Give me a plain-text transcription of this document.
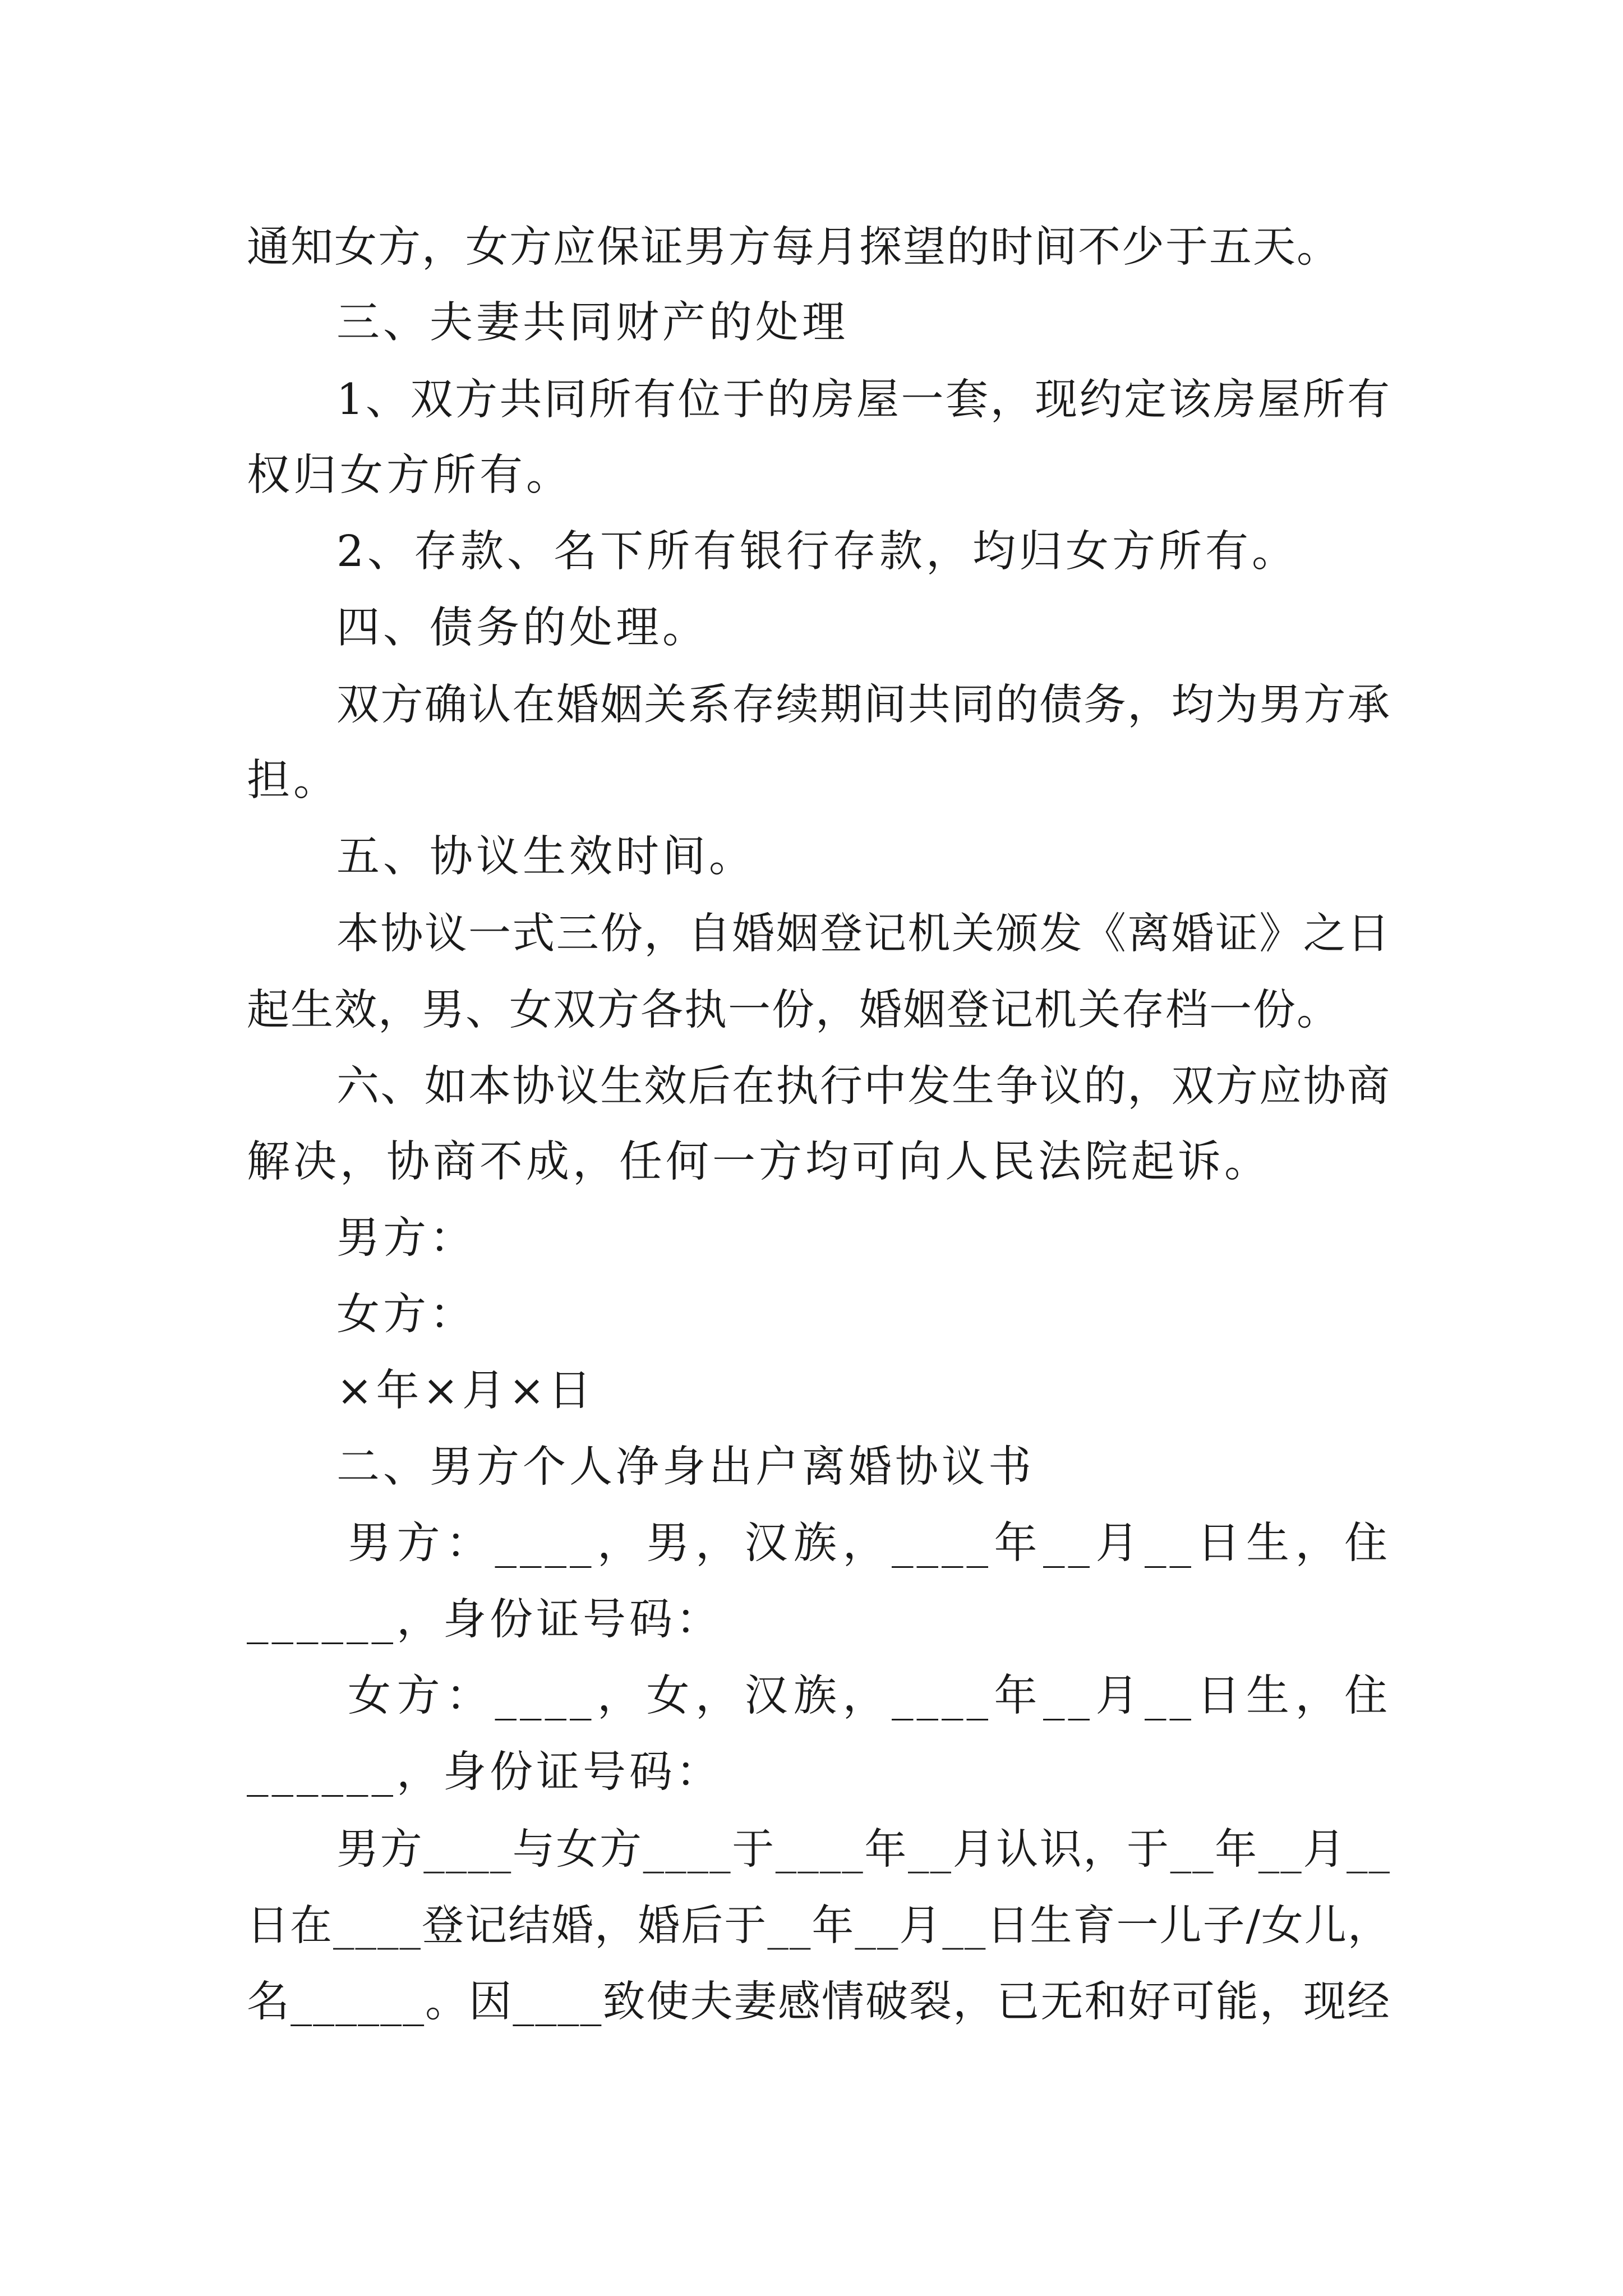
通知女方，女方应保证男方每月探望的时间不少于五天。
三、夫妻共同财产的处理
1、双方共同所有位于的房屋一套，现约定该房屋所有
权归女方所有。
2、存款、名下所有银行存款，均归女方所有。
四、债务的处理。
双方确认在婚姻关系存续期间共同的债务，均为男方承
担。
五、协议生效时间。
本协议一式三份，自婚姻登记机关颁发《离婚证》之日
起生效，男、女双方各执一份，婚姻登记机关存档一份。
六、如本协议生效后在执行中发生争议的，双方应协商
解决，协商不成，任何一方均可向人民法院起诉。
男方：
女方：
×年×月×日
二、男方个人净身出户离婚协议书
男方：____，男，汉族，____年__月__日生，住
______，身份证号码：
女方：____，女，汉族，____年__月__日生，住
______，身份证号码：
男方____与女方____于____年__月认识，于__年__月__
日在____登记结婚，婚后于__年__月__日生育一儿子/女儿，
名______。因____致使夫妻感情破裂，已无和好可能，现经
